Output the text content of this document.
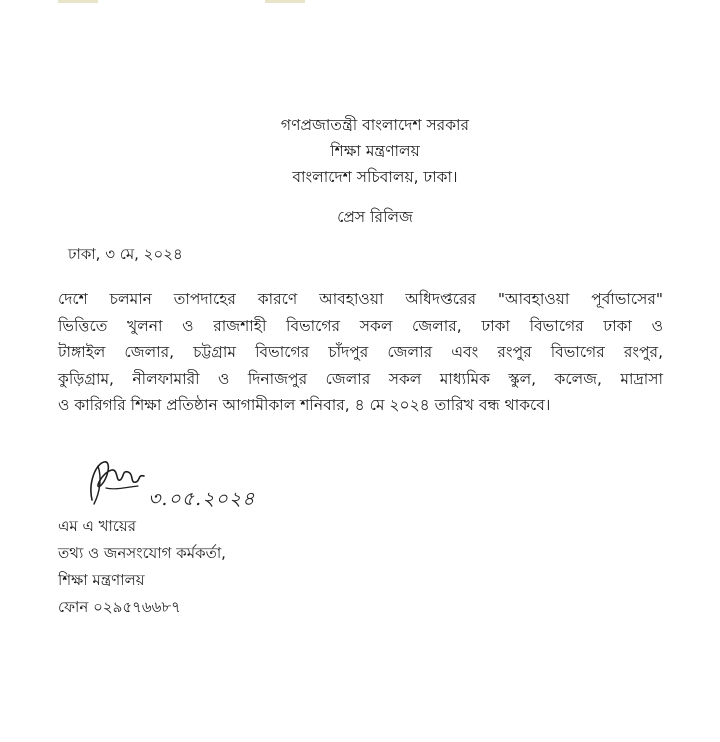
গণপ্রজাতন্ত্রী বাংলাদেশ সরকার
শিক্ষা মন্ত্রণালয়
বাংলাদেশ সচিবালয়, ঢাকা।
প্রেস রিলিজ
ঢাকা, ৩ মে, ২০২৪
দেশে চলমান তাপদাহের কারণে আবহাওয়া অধিদপ্তরের "আবহাওয়া পূর্বাভাসের"
ভিত্তিতে খুলনা ও রাজশাহী বিভাগের সকল জেলার, ঢাকা বিভাগের ঢাকা ও
টাঙ্গাইল জেলার, চট্টগ্রাম বিভাগের চাঁদপুর জেলার এবং রংপুর বিভাগের রংপুর,
কুড়িগ্রাম, নীলফামারী ও দিনাজপুর জেলার সকল মাধ্যমিক স্কুল, কলেজ, মাদ্রাসা
ও কারিগরি শিক্ষা প্রতিষ্ঠান আগামীকাল শনিবার, ৪ মে ২০২৪ তারিখ বন্ধ থাকবে।
৩.০৫.২০২৪
এম এ খায়ের
তথ্য ও জনসংযোগ কর্মকর্তা,
শিক্ষা মন্ত্রণালয়
ফোন ০২৯৫৭৬৬৮৭
